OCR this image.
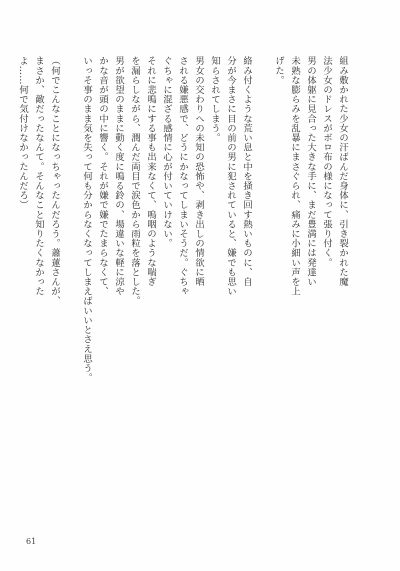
組み敷かれた少女の汗ばんだ身体に、引き裂かれた魔
法少女のドレスがボロ布の様になって張り付く。
男の体躯に見合った大きな手に、まだ豊満には発達い
未熟な膨らみを乱暴にまさぐられ、痛みに小細い声を上
げた。
絡み付くような荒い息と中を掻き回す熱いものに、自
分が今まさに目の前の男に犯されていると、嫌でも思い
知らされてしまう。
男女の交わりへの未知の恐怖や、剥き出しの情欲に晒
される嫌悪感で、どうにかなってしまいそうだ。ぐちゃ
ぐちゃに混ざる感情に心が付いていけない。
それに悲鳴にする事も出来なくて、嗚咽のような喘ぎ
を漏らしながら、潤んだ両目で涙色から雨粒を落とした。
男が欲望のままに動く度に鳴る鈴の、場違いな軽に涼や
かな音が頭の中に響く。それが嫌で嫌でたまらなくて、
いっそ事のまま気を失って何も分からなくなってしまえばいいとさえ思う。
（何でこんなことになっちゃったんだろう。蕭蓮さんが、
まさか、敵だったなんて。そんなこと知りたくなかった
よ……何で気付けなかったんだろ）
61
